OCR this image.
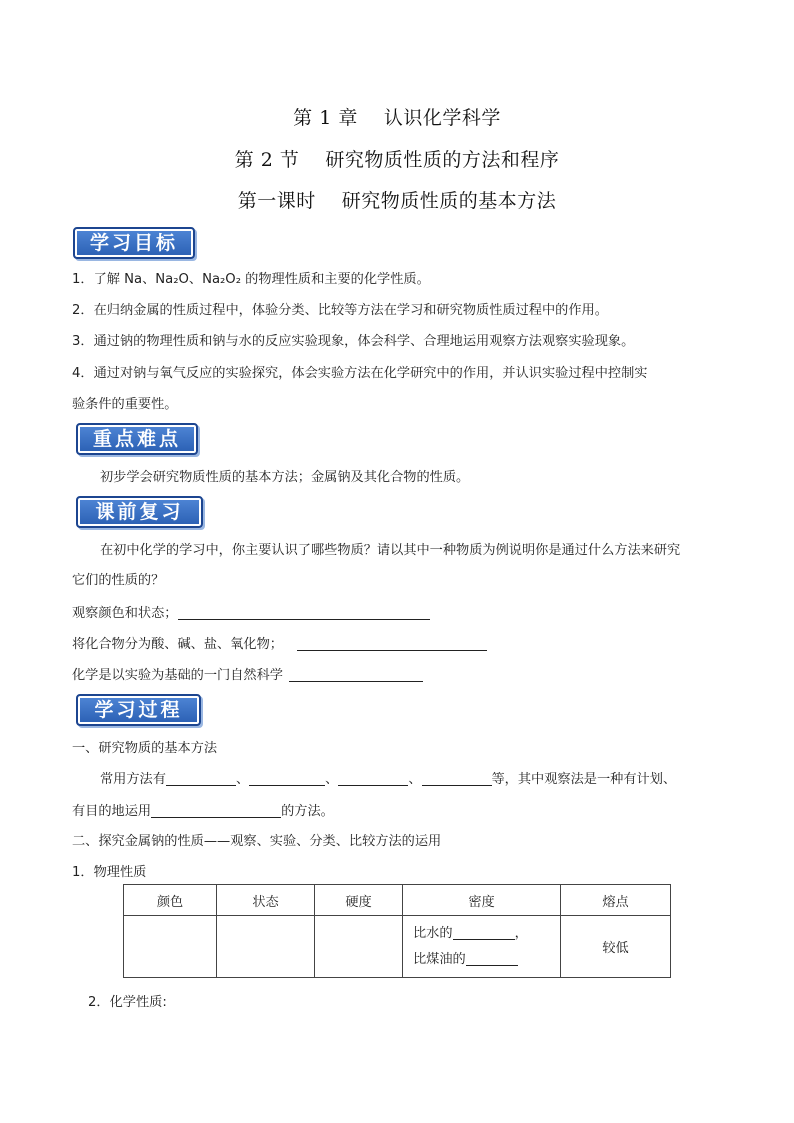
第 1 章 认识化学科学
第 2 节 研究物质性质的方法和程序
第一课时 研究物质性质的基本方法
学习目标
1．了解 Na、Na₂O、Na₂O₂ 的物理性质和主要的化学性质。
2．在归纳金属的性质过程中，体验分类、比较等方法在学习和研究物质性质过程中的作用。
3．通过钠的物理性质和钠与水的反应实验现象，体会科学、合理地运用观察方法观察实验现象。
4．通过对钠与氧气反应的实验探究，体会实验方法在化学研究中的作用，并认识实验过程中控制实
验条件的重要性。
重点难点
初步学会研究物质性质的基本方法；金属钠及其化合物的性质。
课前复习
在初中化学的学习中，你主要认识了哪些物质？请以其中一种物质为例说明你是通过什么方法来研究
它们的性质的？
观察颜色和状态；
将化合物分为酸、碱、盐、氧化物；
化学是以实验为基础的一门自然科学
学习过程
一、研究物质的基本方法
常用方法有	、	、	、	等，其中观察法是一种有计划、
有目的地运用	的方法。
二、探究金属钠的性质——观察、实验、分类、比较方法的运用
1．物理性质
颜色	状态	硬度	密度	熔点

			比水的 ，
比煤油的	较低
2．化学性质:
